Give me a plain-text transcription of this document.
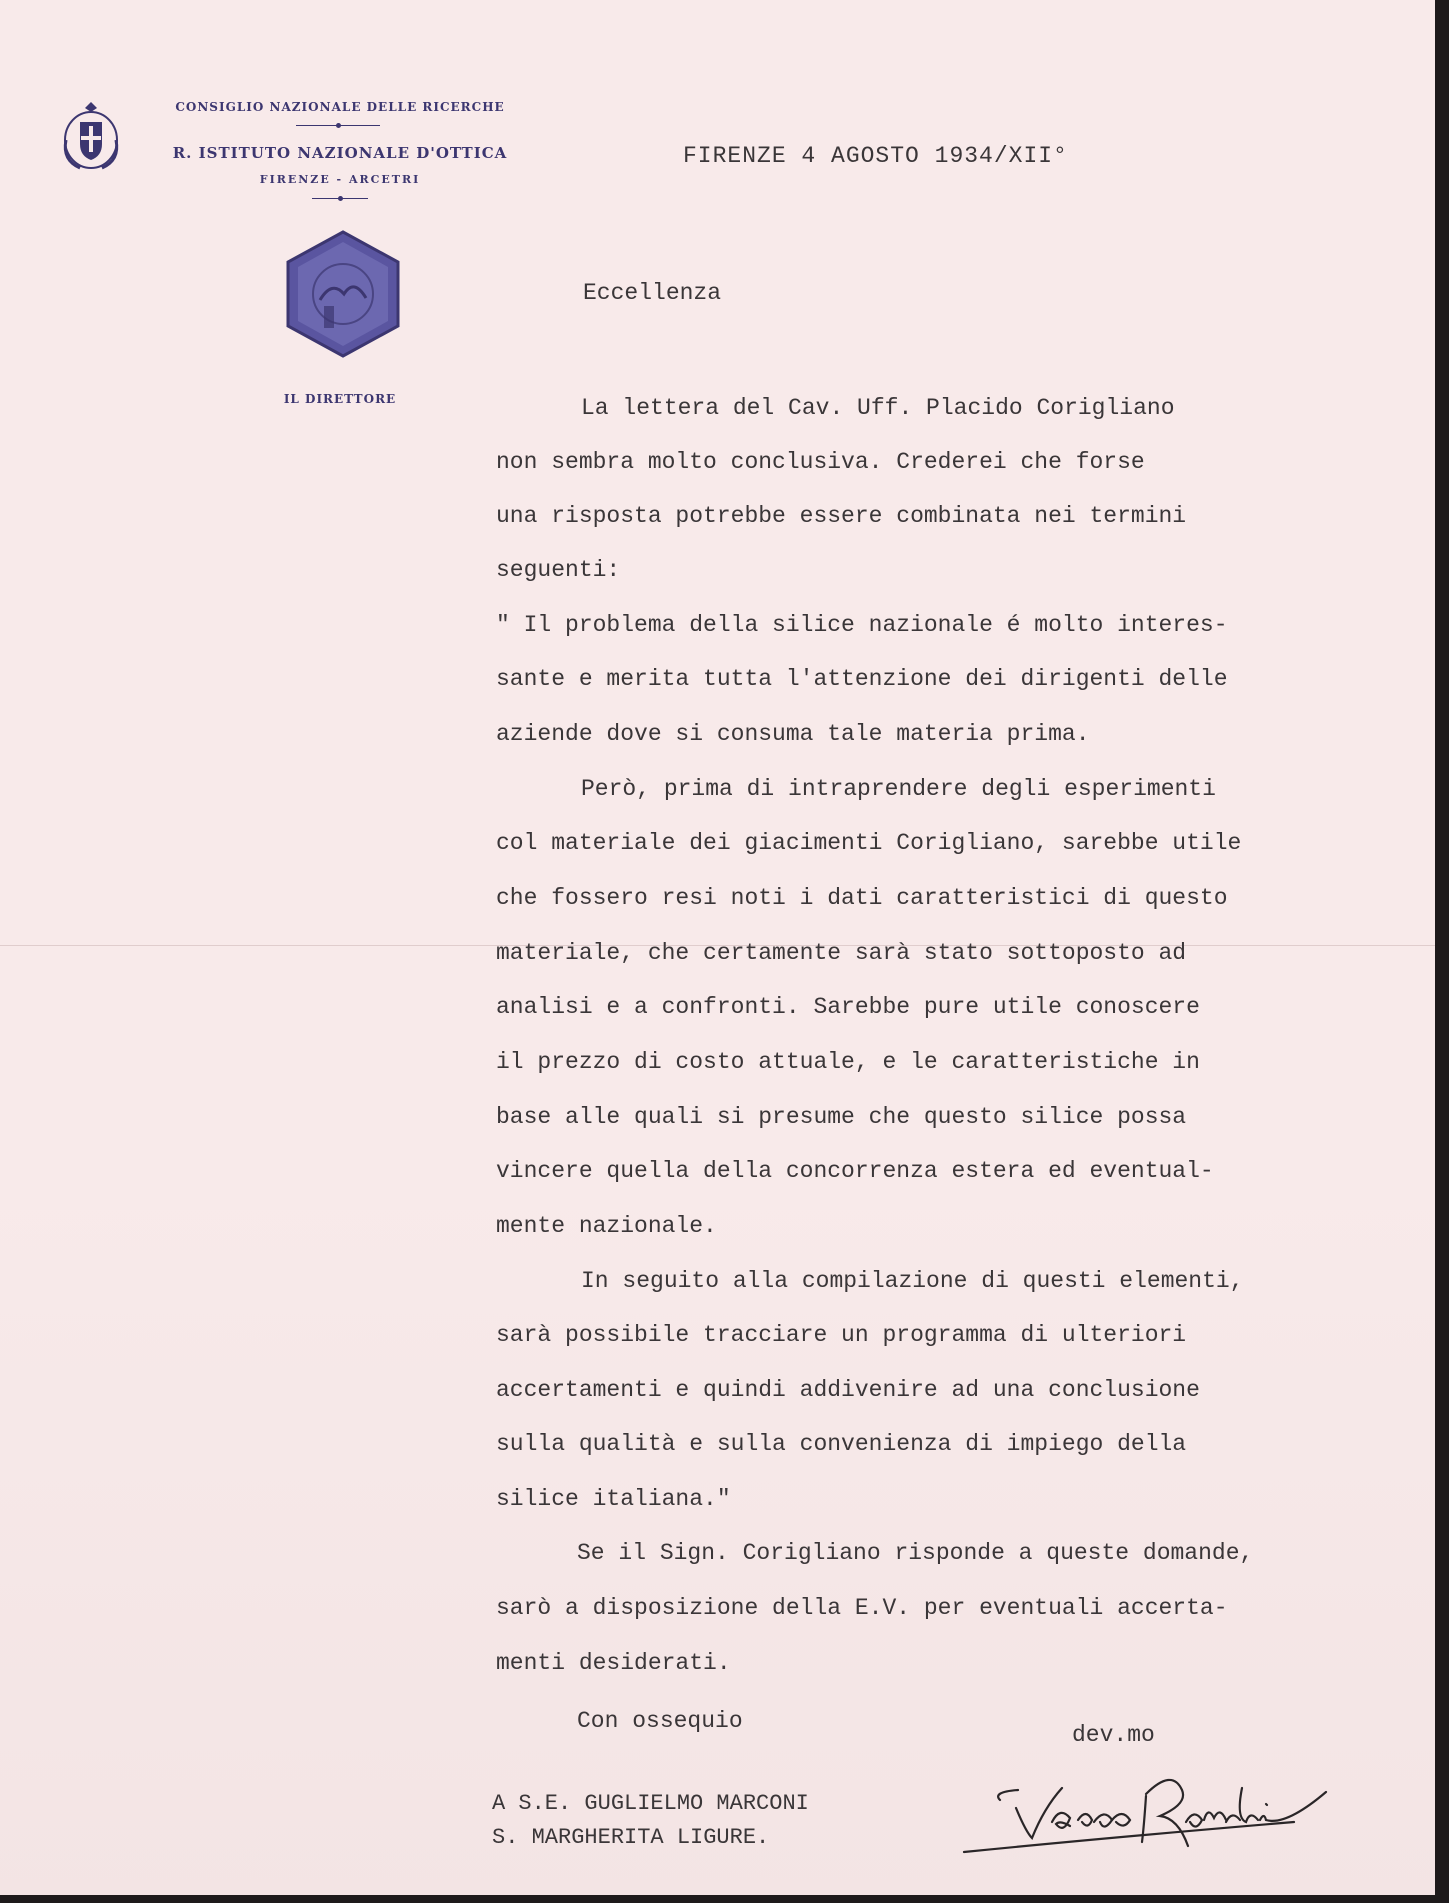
CONSIGLIO NAZIONALE DELLE RICERCHE
R. ISTITUTO NAZIONALE D'OTTICA
FIRENZE - ARCETRI
IL DIRETTORE
FIRENZE 4 AGOSTO 1934/XII°
Eccellenza
La lettera del Cav. Uff. Placido Corigliano
non sembra molto conclusiva. Crederei che forse
una risposta potrebbe essere combinata nei termini
seguenti:
" Il problema della silice nazionale é molto interes-
sante e merita tutta l'attenzione dei dirigenti delle
aziende dove si consuma tale materia prima.
Però, prima di intraprendere degli esperimenti
col materiale dei giacimenti Corigliano, sarebbe utile
che fossero resi noti i dati caratteristici di questo
materiale, che certamente sarà stato sottoposto ad
analisi e a confronti. Sarebbe pure utile conoscere
il prezzo di costo attuale, e le caratteristiche in
base alle quali si presume che questo silice possa
vincere quella della concorrenza estera ed eventual-
mente nazionale.
In seguito alla compilazione di questi elementi,
sarà possibile tracciare un programma di ulteriori
accertamenti e quindi addivenire ad una conclusione
sulla qualità e sulla convenienza di impiego della
silice italiana."
Se il Sign. Corigliano risponde a queste domande,
sarò a disposizione della E.V. per eventuali accerta-
menti desiderati.
Con ossequio
dev.mo
A S.E. GUGLIELMO MARCONI
S. MARGHERITA LIGURE.
